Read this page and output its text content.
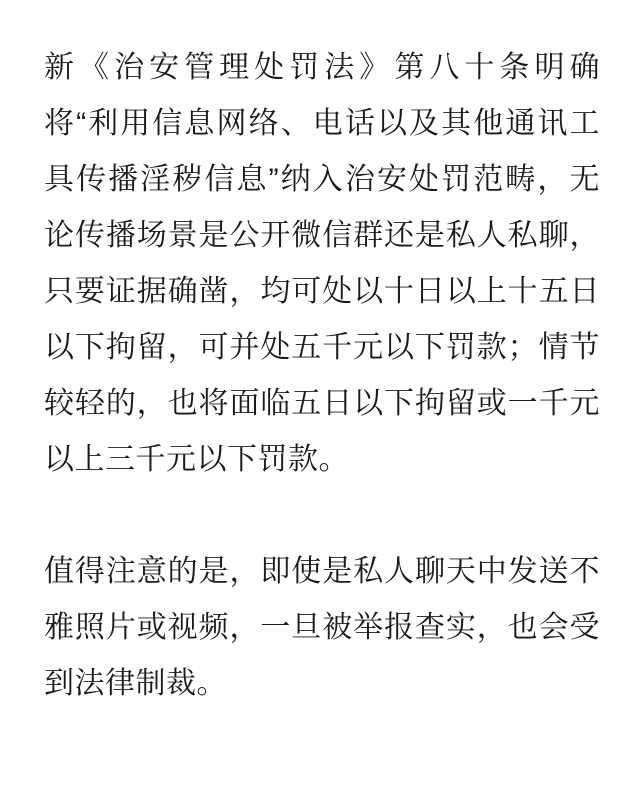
新《治安管理处罚法》第八十条明确将“利用信息网络、电话以及其他通讯工具传播淫秽信息”纳入治安处罚范畴，无论传播场景是公开微信群还是私人私聊，只要证据确凿，均可处以十日以上十五日以下拘留，可并处五千元以下罚款；情节较轻的，也将面临五日以下拘留或一千元以上三千元以下罚款。

值得注意的是，即使是私人聊天中发送不雅照片或视频，一旦被举报查实，也会受到法律制裁。
